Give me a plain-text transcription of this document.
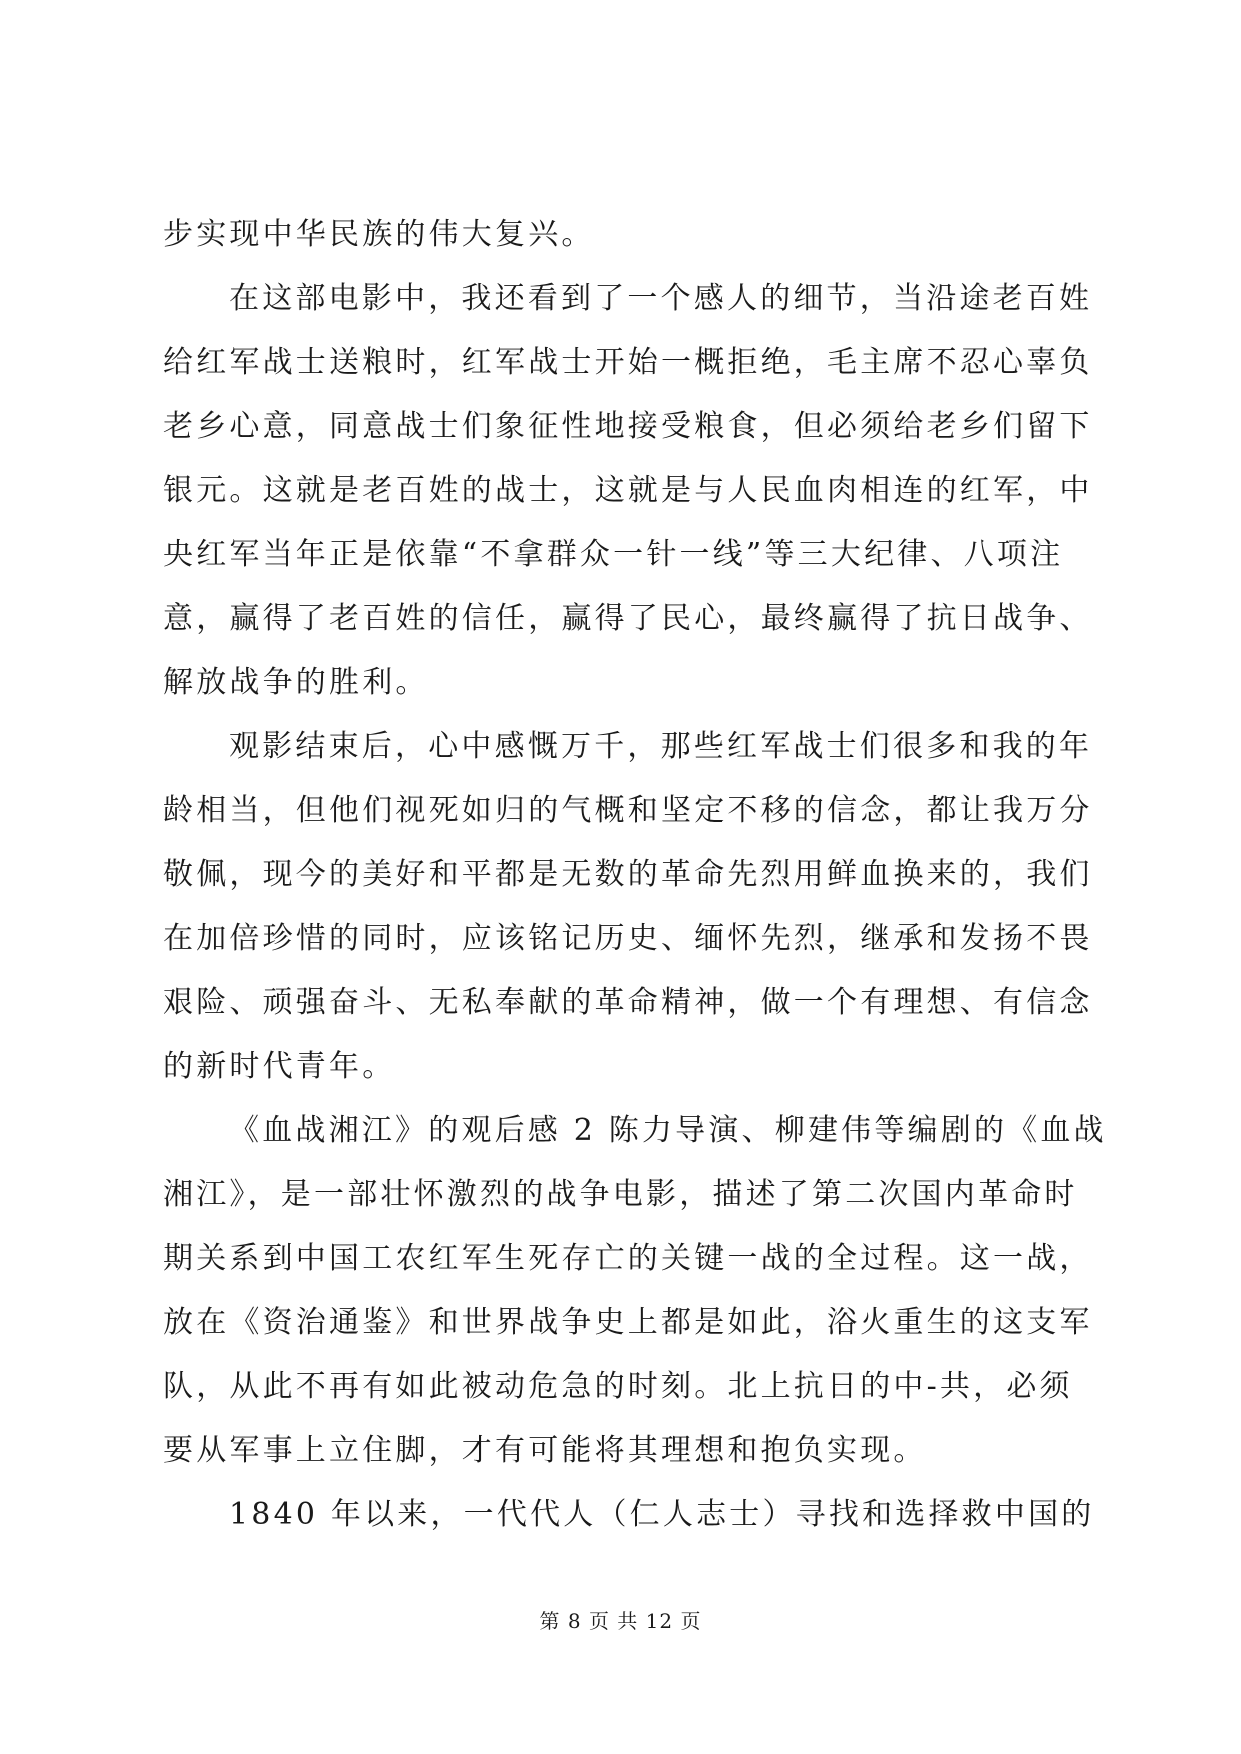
步实现中华民族的伟大复兴。
在这部电影中，我还看到了一个感人的细节，当沿途老百姓
给红军战士送粮时，红军战士开始一概拒绝，毛主席不忍心辜负
老乡心意，同意战士们象征性地接受粮食，但必须给老乡们留下
银元。这就是老百姓的战士，这就是与人民血肉相连的红军，中
央红军当年正是依靠“不拿群众一针一线”等三大纪律、八项注
意，赢得了老百姓的信任，赢得了民心，最终赢得了抗日战争、
解放战争的胜利。
观影结束后，心中感慨万千，那些红军战士们很多和我的年
龄相当，但他们视死如归的气概和坚定不移的信念，都让我万分
敬佩，现今的美好和平都是无数的革命先烈用鲜血换来的，我们
在加倍珍惜的同时，应该铭记历史、缅怀先烈，继承和发扬不畏
艰险、顽强奋斗、无私奉献的革命精神，做一个有理想、有信念
的新时代青年。
《血战湘江》的观后感 2 陈力导演、柳建伟等编剧的《血战
湘江》，是一部壮怀激烈的战争电影，描述了第二次国内革命时
期关系到中国工农红军生死存亡的关键一战的全过程。这一战，
放在《资治通鉴》和世界战争史上都是如此，浴火重生的这支军
队，从此不再有如此被动危急的时刻。北上抗日的中-共，必须
要从军事上立住脚，才有可能将其理想和抱负实现。
1840 年以来，一代代人（仁人志士）寻找和选择救中国的
第 8 页 共 12 页
